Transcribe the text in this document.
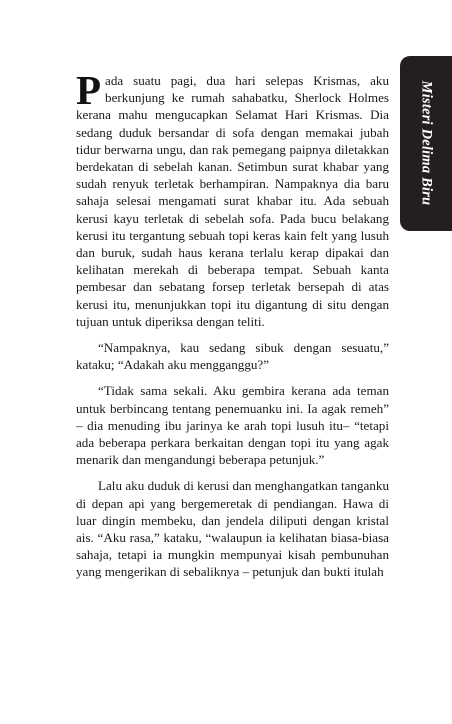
Misteri Delima Biru

Pada suatu pagi, dua hari selepas Krismas, aku berkunjung ke rumah sahabatku, Sherlock Holmes kerana mahu mengucapkan Selamat Hari Krismas. Dia sedang duduk bersandar di sofa dengan memakai jubah tidur berwarna ungu, dan rak pemegang paipnya diletakkan berdekatan di sebelah kanan. Setimbun surat khabar yang sudah renyuk terletak berhampiran. Nampaknya dia baru sahaja selesai mengamati surat khabar itu. Ada sebuah kerusi kayu terletak di sebelah sofa. Pada bucu belakang kerusi itu tergantung sebuah topi keras kain felt yang lusuh dan buruk, sudah haus kerana terlalu kerap dipakai dan kelihatan merekah di beberapa tempat. Sebuah kanta pembesar dan sebatang forsep terletak bersepah di atas kerusi itu, menunjukkan topi itu digantung di situ dengan tujuan untuk diperiksa dengan teliti.

“Nampaknya, kau sedang sibuk dengan sesuatu,” kataku; “Adakah aku mengganggu?”

“Tidak sama sekali. Aku gembira kerana ada teman untuk berbincang tentang penemuanku ini. Ia agak remeh” – dia menuding ibu jarinya ke arah topi lusuh itu– “tetapi ada beberapa perkara berkaitan dengan topi itu yang agak menarik dan mengandungi beberapa petunjuk.”

Lalu aku duduk di kerusi dan menghangatkan tanganku di depan api yang bergemeretak di pendiangan. Hawa di luar dingin membeku, dan jendela diliputi dengan kristal ais. “Aku rasa,” kataku, “walaupun ia kelihatan biasa-biasa sahaja, tetapi ia mungkin mempunyai kisah pembunuhan yang mengerikan di sebaliknya – petunjuk dan bukti itulah
